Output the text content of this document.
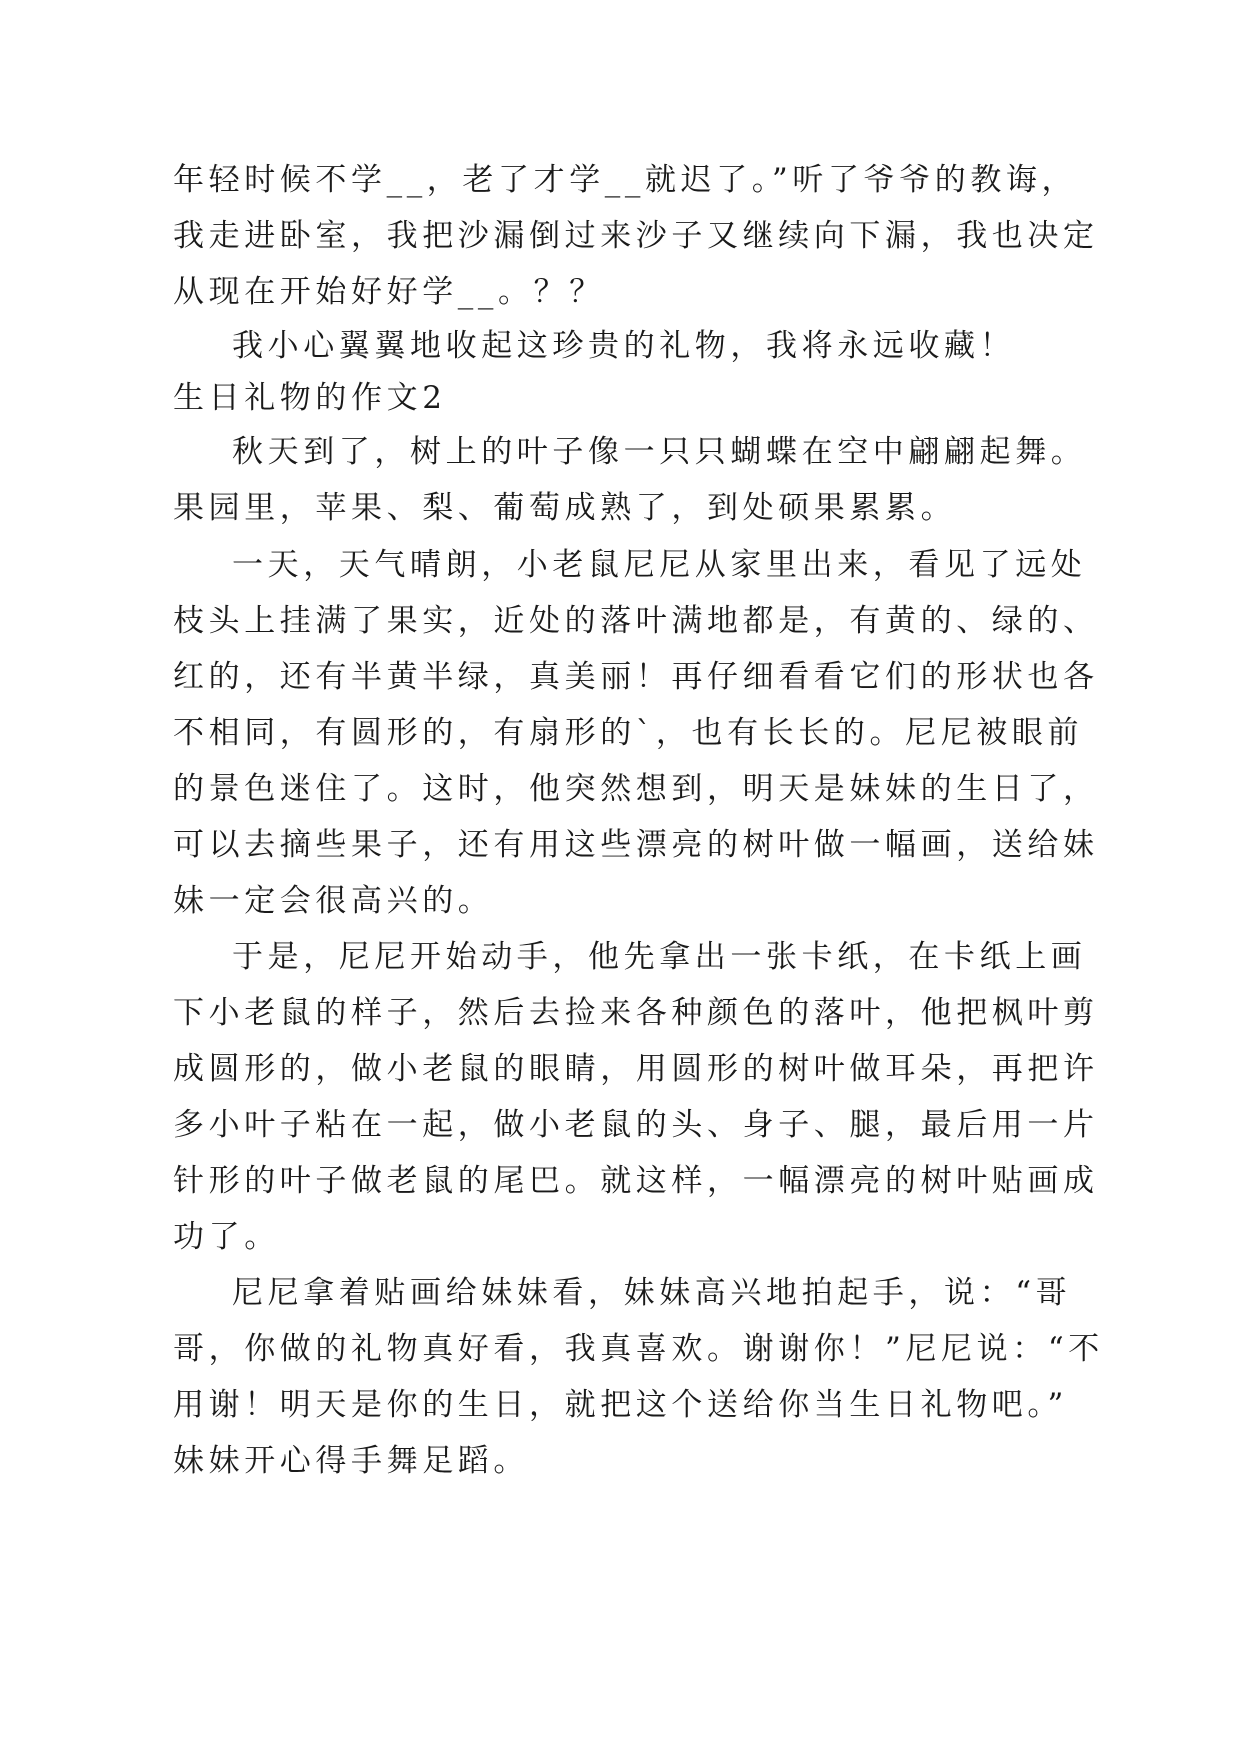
年轻时候不学__，老了才学__就迟了。”听了爷爷的教诲，
我走进卧室，我把沙漏倒过来沙子又继续向下漏，我也决定
从现在开始好好学__。？？
我小心翼翼地收起这珍贵的礼物，我将永远收藏！
生日礼物的作文2
秋天到了，树上的叶子像一只只蝴蝶在空中翩翩起舞。
果园里，苹果、梨、葡萄成熟了，到处硕果累累。
一天，天气晴朗，小老鼠尼尼从家里出来，看见了远处
枝头上挂满了果实，近处的落叶满地都是，有黄的、绿的、
红的，还有半黄半绿，真美丽！再仔细看看它们的形状也各
不相同，有圆形的，有扇形的`，也有长长的。尼尼被眼前
的景色迷住了。这时，他突然想到，明天是妹妹的生日了，
可以去摘些果子，还有用这些漂亮的树叶做一幅画，送给妹
妹一定会很高兴的。
于是，尼尼开始动手，他先拿出一张卡纸，在卡纸上画
下小老鼠的样子，然后去捡来各种颜色的落叶，他把枫叶剪
成圆形的，做小老鼠的眼睛，用圆形的树叶做耳朵，再把许
多小叶子粘在一起，做小老鼠的头、身子、腿，最后用一片
针形的叶子做老鼠的尾巴。就这样，一幅漂亮的树叶贴画成
功了。
尼尼拿着贴画给妹妹看，妹妹高兴地拍起手，说：“哥
哥，你做的礼物真好看，我真喜欢。谢谢你！”尼尼说：“不
用谢！明天是你的生日，就把这个送给你当生日礼物吧。”
妹妹开心得手舞足蹈。
